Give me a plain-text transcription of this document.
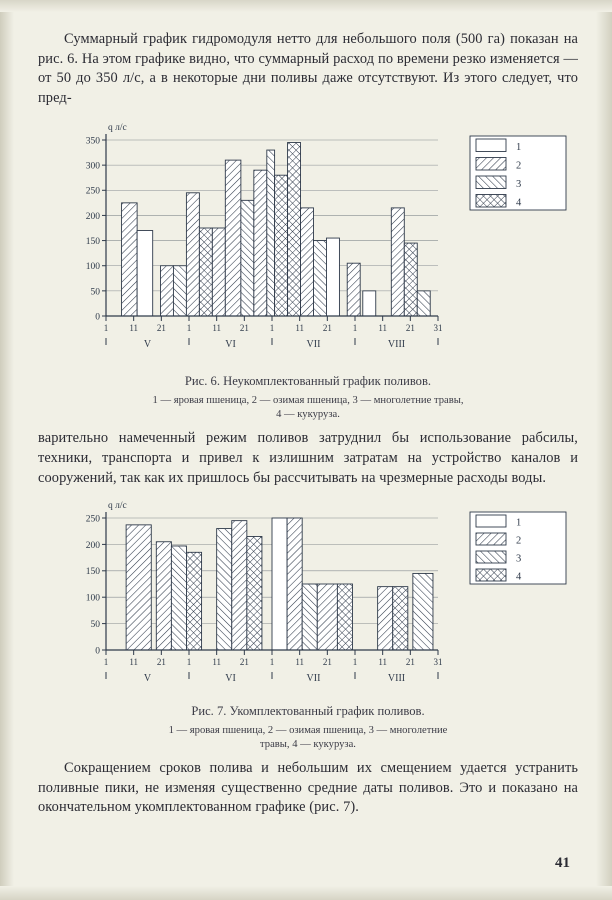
Суммарный график гидромодуля нетто для небольшого поля (500 га) показан на рис. 6. На этом графике видно, что суммарный расход по времени резко изменяется — от 50 до 350 л/с, а в некоторые дни поливы даже отсутствуют. Из этого следует, что пред-

0
50
100
150
200
250
300
350
q л/с
1 11 21 1 11 21 1 11 21 1 11 21 31
V	VI	VII	VIII
1
2
3
4
Рис. 6. Неукомплектованный график поливов.
1 — яровая пшеница, 2 — озимая пшеница, 3 — многолетние травы,
4 — кукуруза.

варительно намеченный режим поливов затруднил бы использование рабсилы, техники, транспорта и привел к излишним затратам на устройство каналов и сооружений, так как их пришлось бы рассчитывать на чрезмерные расходы воды.

0
50
100
150
200
250
q л/с
1 11 21 1 11 21 1 11 21 1 11 21 31
V	VI	VII	VIII
1
2
3
4
Рис. 7. Укомплектованный график поливов.
1 — яровая пшеница, 2 — озимая пшеница, 3 — многолетние
травы, 4 — кукуруза.

Сокращением сроков полива и небольшим их смещением удается устранить поливные пики, не изменяя существенно средние даты поливов. Это и показано на окончательном укомплектованном графике (рис. 7).

41
